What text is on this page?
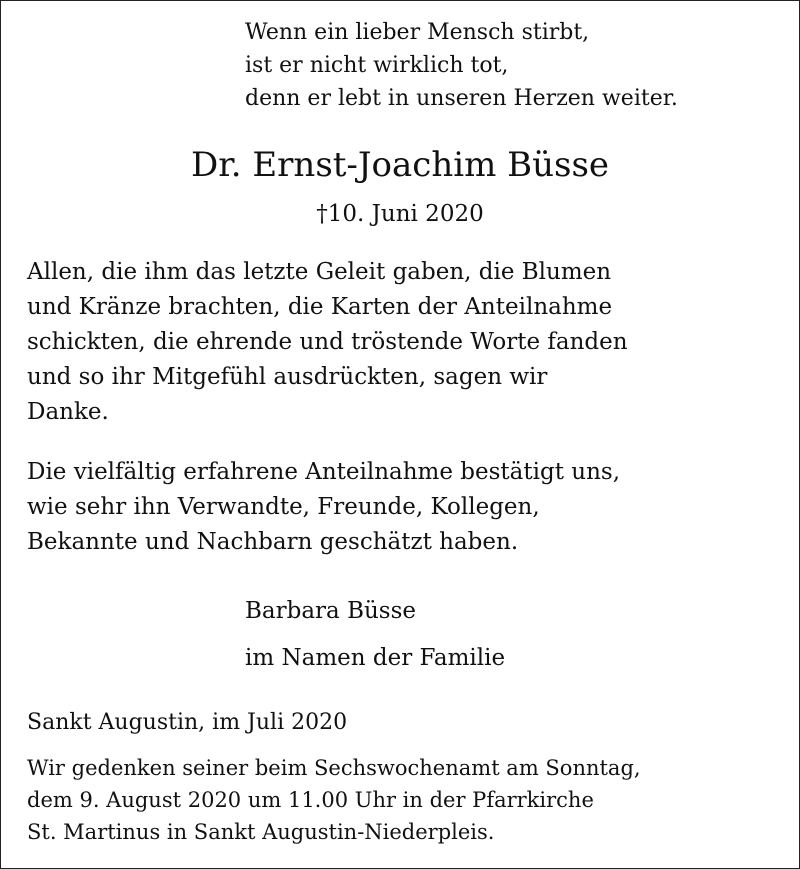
Wenn ein lieber Mensch stirbt,
ist er nicht wirklich tot,
denn er lebt in unseren Herzen weiter.
Dr. Ernst-Joachim Büsse
†10. Juni 2020
Allen, die ihm das letzte Geleit gaben, die Blumen
und Kränze brachten, die Karten der Anteilnahme
schickten, die ehrende und tröstende Worte fanden
und so ihr Mitgefühl ausdrückten, sagen wir
Danke.
Die vielfältig erfahrene Anteilnahme bestätigt uns,
wie sehr ihn Verwandte, Freunde, Kollegen,
Bekannte und Nachbarn geschätzt haben.
Barbara Büsse
im Namen der Familie
Sankt Augustin, im Juli 2020
Wir gedenken seiner beim Sechswochenamt am Sonntag,
dem 9. August 2020 um 11.00 Uhr in der Pfarrkirche
St. Martinus in Sankt Augustin-Niederpleis.
